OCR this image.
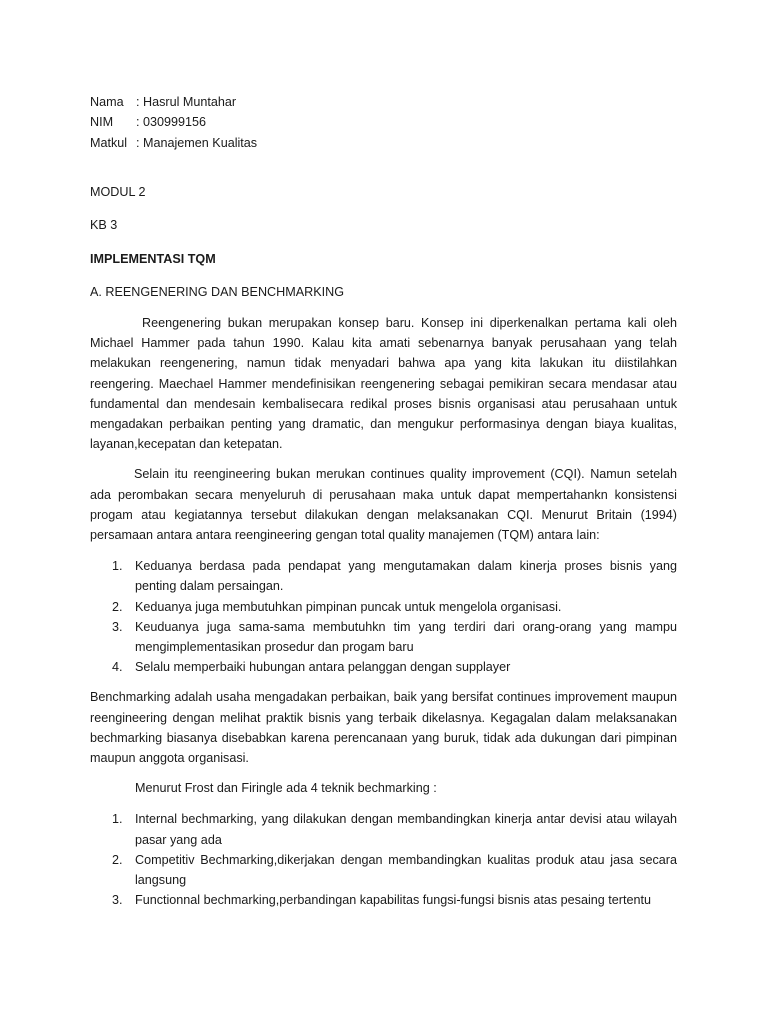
Nama : Hasrul Muntahar
NIM	: 030999156
Matkul : Manajemen Kualitas
MODUL 2
KB 3
IMPLEMENTASI TQM
A. REENGENERING DAN BENCHMARKING

Reengenering bukan merupakan konsep baru. Konsep ini diperkenalkan pertama kali oleh Michael Hammer pada tahun 1990. Kalau kita amati sebenarnya banyak perusahaan yang telah melakukan reengenering, namun tidak menyadari bahwa apa yang kita lakukan itu diistilahkan reengering. Maechael Hammer mendefinisikan reengenering sebagai pemikiran secara mendasar atau fundamental dan mendesain kembalisecara redikal proses bisnis organisasi atau perusahaan untuk mengadakan perbaikan penting yang dramatic, dan mengukur performasinya dengan biaya kualitas, layanan,kecepatan dan ketepatan.

Selain itu reengineering bukan merukan continues quality improvement (CQI). Namun setelah ada perombakan secara menyeluruh di perusahaan maka untuk dapat mempertahankn konsistensi progam atau kegiatannya tersebut dilakukan dengan melaksanakan CQI. Menurut Britain (1994) persamaan antara antara reengineering gengan total quality manajemen (TQM) antara lain:

1. Keduanya berdasa pada pendapat yang mengutamakan dalam kinerja proses bisnis yang penting dalam persaingan.
2. Keduanya juga membutuhkan pimpinan puncak untuk mengelola organisasi.
3. Keuduanya juga sama-sama membutuhkn tim yang terdiri dari orang-orang yang mampu mengimplementasikan prosedur dan progam baru
4. Selalu memperbaiki hubungan antara pelanggan dengan supplayer

Benchmarking adalah usaha mengadakan perbaikan, baik yang bersifat continues improvement maupun reengineering dengan melihat praktik bisnis yang terbaik dikelasnya. Kegagalan dalam melaksanakan bechmarking biasanya disebabkan karena perencanaan yang buruk, tidak ada dukungan dari pimpinan maupun anggota organisasi.

Menurut Frost dan Firingle ada 4 teknik bechmarking :

1. Internal bechmarking, yang dilakukan dengan membandingkan kinerja antar devisi atau wilayah pasar yang ada
2. Competitiv Bechmarking,dikerjakan dengan membandingkan kualitas produk atau jasa secara langsung
3. Functionnal bechmarking,perbandingan kapabilitas fungsi-fungsi bisnis atas pesaing tertentu
